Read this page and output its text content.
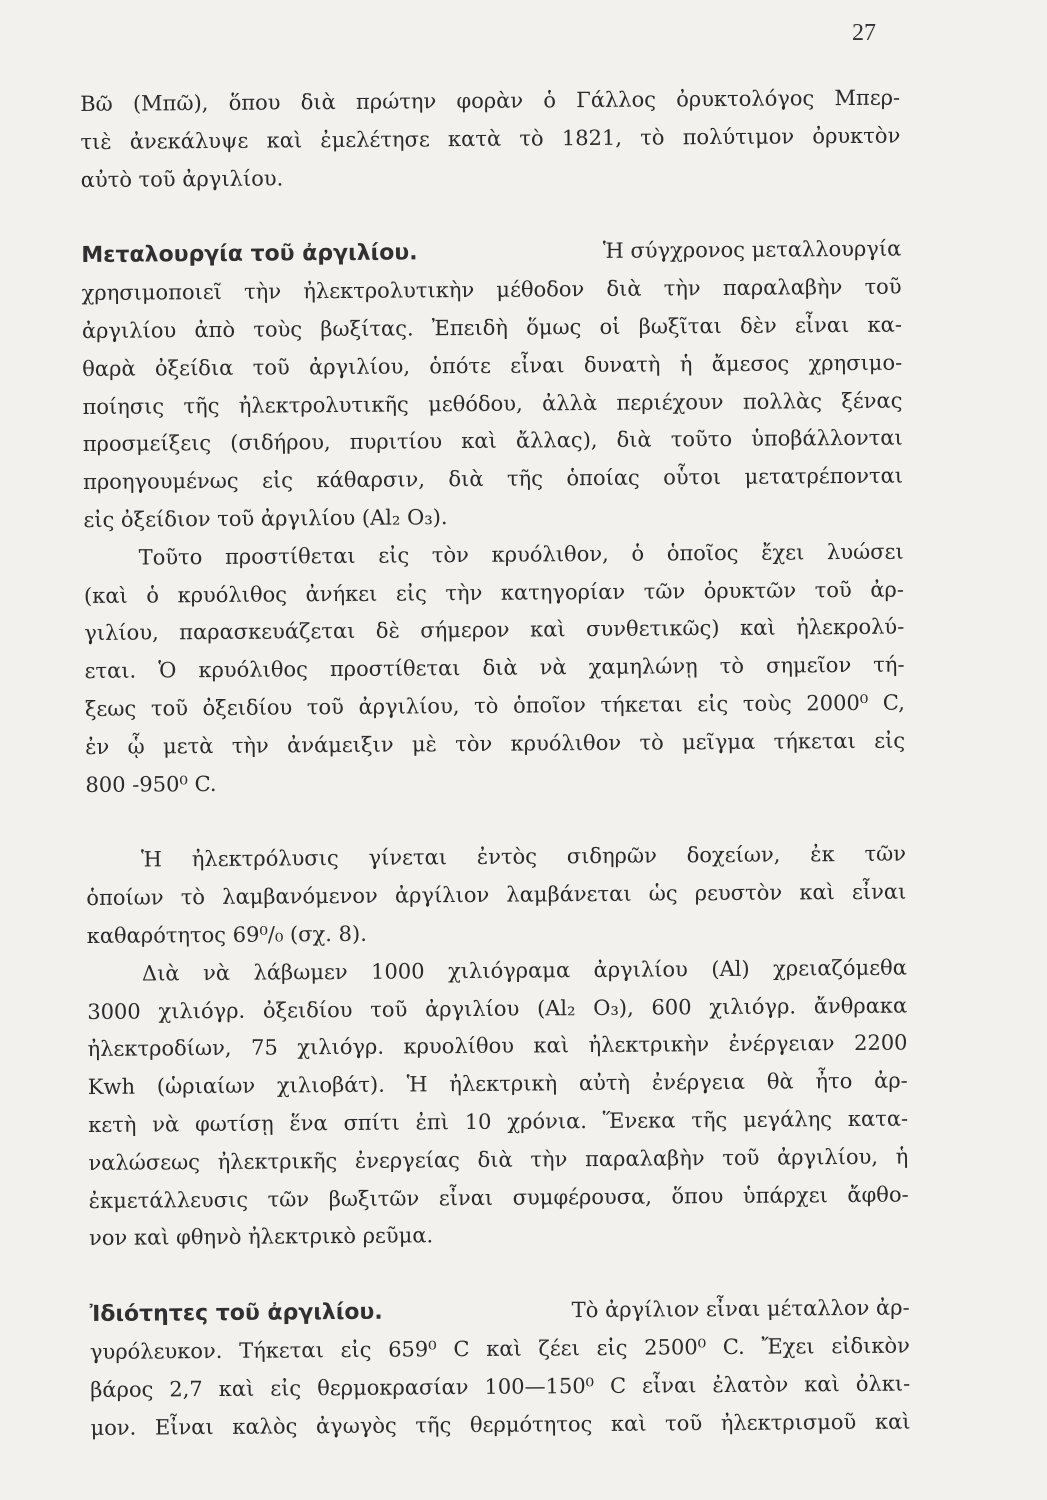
27
Βῶ (Μπῶ), ὅπου διὰ πρώτην φορὰν ὁ Γάλλος ὀρυκτολόγος Μπερ-
τιὲ ἀνεκάλυψε καὶ ἐμελέτησε κατὰ τὸ 1821, τὸ πολύτιμον ὀρυκτὸν
αὐτὸ τοῦ ἀργιλίου.
Μεταλουργία τοῦ ἀργιλίου.	Ἡ σύγχρονος μεταλλουργία
χρησιμοποιεῖ τὴν ἠλεκτρολυτικὴν μέθοδον διὰ τὴν παραλαβὴν τοῦ
ἀργιλίου ἀπὸ τοὺς βωξίτας. Ἐπειδὴ ὅμως οἱ βωξῖται δὲν εἶναι κα-
θαρὰ ὀξείδια τοῦ ἀργιλίου, ὁπότε εἶναι δυνατὴ ἡ ἄμεσος χρησιμο-
ποίησις τῆς ἠλεκτρολυτικῆς μεθόδου, ἀλλὰ περιέχουν πολλὰς ξένας
προσμείξεις (σιδήρου, πυριτίου καὶ ἄλλας), διὰ τοῦτο ὑποβάλλονται
προηγουμένως εἰς κάθαρσιν, διὰ τῆς ὁποίας οὗτοι μετατρέπονται
εἰς ὀξείδιον τοῦ ἀργιλίου (Al₂ O₃).
Τοῦτο προστίθεται εἰς τὸν κρυόλιθον, ὁ ὁποῖος ἔχει λυώσει
(καὶ ὁ κρυόλιθος ἀνήκει εἰς τὴν κατηγορίαν τῶν ὀρυκτῶν τοῦ ἀρ-
γιλίου, παρασκευάζεται δὲ σήμερον καὶ συνθετικῶς) καὶ ἠλεκρολύ-
εται. Ὁ κρυόλιθος προστίθεται διὰ νὰ χαμηλώνῃ τὸ σημεῖον τή-
ξεως τοῦ ὀξειδίου τοῦ ἀργιλίου, τὸ ὁποῖον τήκεται εἰς τοὺς 2000⁰ C,
ἐν ᾧ μετὰ τὴν ἀνάμειξιν μὲ τὸν κρυόλιθον τὸ μεῖγμα τήκεται εἰς
800 -950⁰ C.
Ἡ ἠλεκτρόλυσις γίνεται ἐντὸς σιδηρῶν δοχείων, ἐκ τῶν
ὁποίων τὸ λαμβανόμενον ἀργίλιον λαμβάνεται ὡς ρευστὸν καὶ εἶναι
καθαρότητος 69⁰/₀ (σχ. 8).
Διὰ νὰ λάβωμεν 1000 χιλιόγραμα ἀργιλίου (Al) χρειαζόμεθα
3000 χιλιόγρ. ὀξειδίου τοῦ ἀργιλίου (Al₂ O₃), 600 χιλιόγρ. ἄνθρακα
ἠλεκτροδίων, 75 χιλιόγρ. κρυολίθου καὶ ἠλεκτρικὴν ἐνέργειαν 2200
Kwh (ὡριαίων χιλιοβάτ). Ἡ ἠλεκτρικὴ αὐτὴ ἐνέργεια θὰ ἦτο ἀρ-
κετὴ νὰ φωτίσῃ ἕνα σπίτι ἐπὶ 10 χρόνια. Ἕνεκα τῆς μεγάλης κατα-
ναλώσεως ἠλεκτρικῆς ἐνεργείας διὰ τὴν παραλαβὴν τοῦ ἀργιλίου, ἡ
ἐκμετάλλευσις τῶν βωξιτῶν εἶναι συμφέρουσα, ὅπου ὑπάρχει ἄφθο-
νον καὶ φθηνὸ ἠλεκτρικὸ ρεῦμα.
Ἰδιότητες τοῦ ἀργιλίου.	Τὸ ἀργίλιον εἶναι μέταλλον ἀρ-
γυρόλευκον. Τήκεται εἰς 659⁰ C καὶ ζέει εἰς 2500⁰ C. Ἔχει εἰδικὸν
βάρος 2,7 καὶ εἰς θερμοκρασίαν 100—150⁰ C εἶναι ἐλατὸν καὶ ὀλκι-
μον. Εἶναι καλὸς ἀγωγὸς τῆς θερμότητος καὶ τοῦ ἠλεκτρισμοῦ καὶ
